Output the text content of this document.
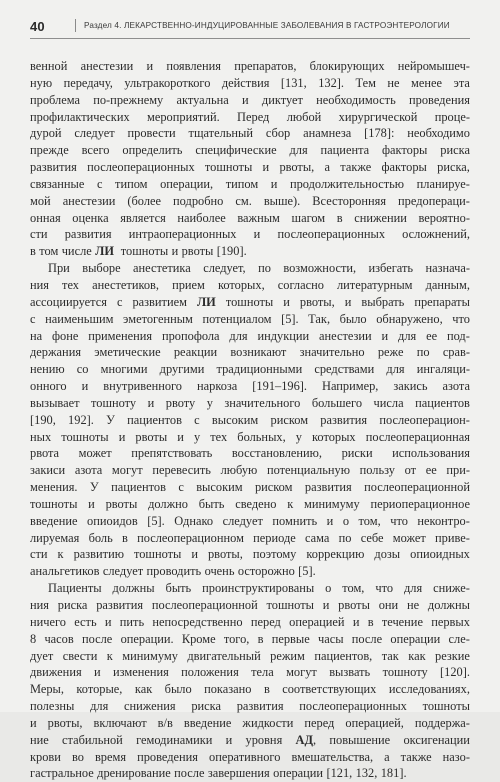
40	Раздел 4. ЛЕКАРСТВЕННО-ИНДУЦИРОВАННЫЕ ЗАБОЛЕВАНИЯ В ГАСТРОЭНТЕРОЛОГИИ
венной анестезии и появления препаратов, блокирующих нейромышеч-
ную передачу, ультракороткого действия [131, 132]. Тем не менее эта
проблема по-прежнему актуальна и диктует необходимость проведения
профилактических мероприятий. Перед любой хирургической проце-
дурой следует провести тщательный сбор анамнеза [178]: необходимо
прежде всего определить специфические для пациента факторы риска
развития послеоперационных тошноты и рвоты, а также факторы риска,
связанные с типом операции, типом и продолжительностью планируе-
мой анестезии (более подробно см. выше). Всесторонняя предопераци-
онная оценка является наиболее важным шагом в снижении вероятно-
сти развития интраоперационных и послеоперационных осложнений,
в том числе ЛИ тошноты и рвоты [190].
При выборе анестетика следует, по возможности, избегать назнача-
ния тех анестетиков, прием которых, согласно литературным данным,
ассоциируется с развитием ЛИ тошноты и рвоты, и выбрать препараты
с наименьшим эметогенным потенциалом [5]. Так, было обнаружено, что
на фоне применения пропофола для индукции анестезии и для ее под-
держания эметические реакции возникают значительно реже по срав-
нению со многими другими традиционными средствами для ингаляци-
онного и внутривенного наркоза [191–196]. Например, закись азота
вызывает тошноту и рвоту у значительного большего числа пациентов
[190, 192]. У пациентов с высоким риском развития послеоперацион-
ных тошноты и рвоты и у тех больных, у которых послеоперационная
рвота может препятствовать восстановлению, риски использования
закиси азота могут перевесить любую потенциальную пользу от ее при-
менения. У пациентов с высоким риском развития послеоперационной
тошноты и рвоты должно быть сведено к минимуму периоперационное
введение опиоидов [5]. Однако следует помнить и о том, что неконтро-
лируемая боль в послеоперационном периоде сама по себе может приве-
сти к развитию тошноты и рвоты, поэтому коррекцию дозы опиоидных
анальгетиков следует проводить очень осторожно [5].
Пациенты должны быть проинструктированы о том, что для сниже-
ния риска развития послеоперационной тошноты и рвоты они не должны
ничего есть и пить непосредственно перед операцией и в течение первых
8 часов после операции. Кроме того, в первые часы после операции сле-
дует свести к минимуму двигательный режим пациентов, так как резкие
движения и изменения положения тела могут вызвать тошноту [120].
Меры, которые, как было показано в соответствующих исследованиях,
полезны для снижения риска развития послеоперационных тошноты
и рвоты, включают в/в введение жидкости перед операцией, поддержа-
ние стабильной гемодинамики и уровня АД, повышение оксигенации
крови во время проведения оперативного вмешательства, а также назо-
гастральное дренирование после завершения операции [121, 132, 181].
